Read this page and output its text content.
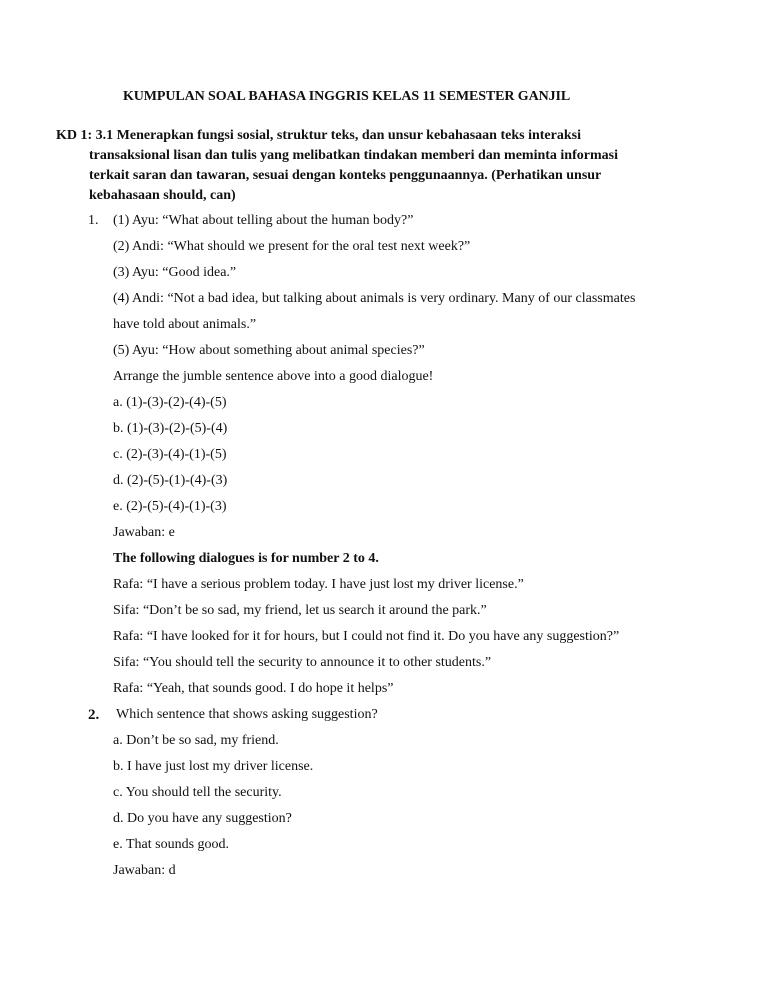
KUMPULAN SOAL BAHASA INGGRIS KELAS 11 SEMESTER GANJIL
KD 1: 3.1 Menerapkan fungsi sosial, struktur teks, dan unsur kebahasaan teks interaksi
transaksional lisan dan tulis yang melibatkan tindakan memberi dan meminta informasi
terkait saran dan tawaran, sesuai dengan konteks penggunaannya. (Perhatikan unsur
kebahasaan should, can)
1. (1) Ayu: “What about telling about the human body?”
(2) Andi: “What should we present for the oral test next week?”
(3) Ayu: “Good idea.”
(4) Andi: “Not a bad idea, but talking about animals is very ordinary. Many of our classmates
have told about animals.”
(5) Ayu: “How about something about animal species?”
Arrange the jumble sentence above into a good dialogue!
a. (1)-(3)-(2)-(4)-(5)
b. (1)-(3)-(2)-(5)-(4)
c. (2)-(3)-(4)-(1)-(5)
d. (2)-(5)-(1)-(4)-(3)
e. (2)-(5)-(4)-(1)-(3)
Jawaban: e
The following dialogues is for number 2 to 4.
Rafa: “I have a serious problem today. I have just lost my driver license.”
Sifa: “Don’t be so sad, my friend, let us search it around the park.”
Rafa: “I have looked for it for hours, but I could not find it. Do you have any suggestion?”
Sifa: “You should tell the security to announce it to other students.”
Rafa: “Yeah, that sounds good. I do hope it helps”
2. Which sentence that shows asking suggestion?
a. Don’t be so sad, my friend.
b. I have just lost my driver license.
c. You should tell the security.
d. Do you have any suggestion?
e. That sounds good.
Jawaban: d
